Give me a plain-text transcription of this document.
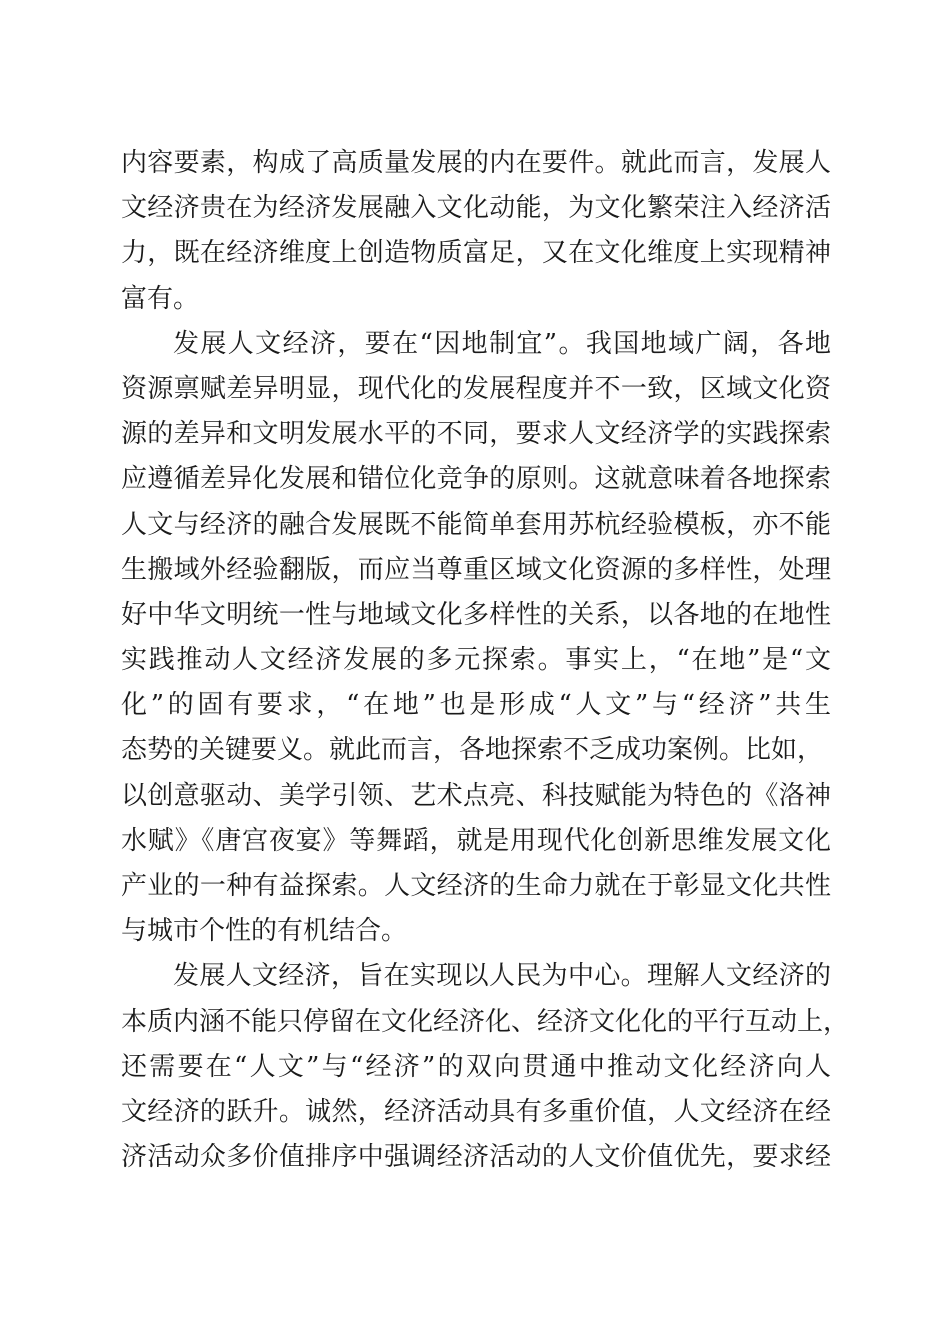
内容要素，构成了高质量发展的内在要件。就此而言，发展人
文经济贵在为经济发展融入文化动能，为文化繁荣注入经济活
力，既在经济维度上创造物质富足，又在文化维度上实现精神
富有。
发展人文经济，要在“因地制宜”。我国地域广阔，各地
资源禀赋差异明显，现代化的发展程度并不一致，区域文化资
源的差异和文明发展水平的不同，要求人文经济学的实践探索
应遵循差异化发展和错位化竞争的原则。这就意味着各地探索
人文与经济的融合发展既不能简单套用苏杭经验模板，亦不能
生搬域外经验翻版，而应当尊重区域文化资源的多样性，处理
好中华文明统一性与地域文化多样性的关系，以各地的在地性
实践推动人文经济发展的多元探索。事实上，“在地”是“文
化”的固有要求，“在地”也是形成“人文”与“经济”共生
态势的关键要义。就此而言，各地探索不乏成功案例。比如，
以创意驱动、美学引领、艺术点亮、科技赋能为特色的《洛神
水赋》《唐宫夜宴》等舞蹈，就是用现代化创新思维发展文化
产业的一种有益探索。人文经济的生命力就在于彰显文化共性
与城市个性的有机结合。
发展人文经济，旨在实现以人民为中心。理解人文经济的
本质内涵不能只停留在文化经济化、经济文化化的平行互动上，
还需要在“人文”与“经济”的双向贯通中推动文化经济向人
文经济的跃升。诚然，经济活动具有多重价值，人文经济在经
济活动众多价值排序中强调经济活动的人文价值优先，要求经
